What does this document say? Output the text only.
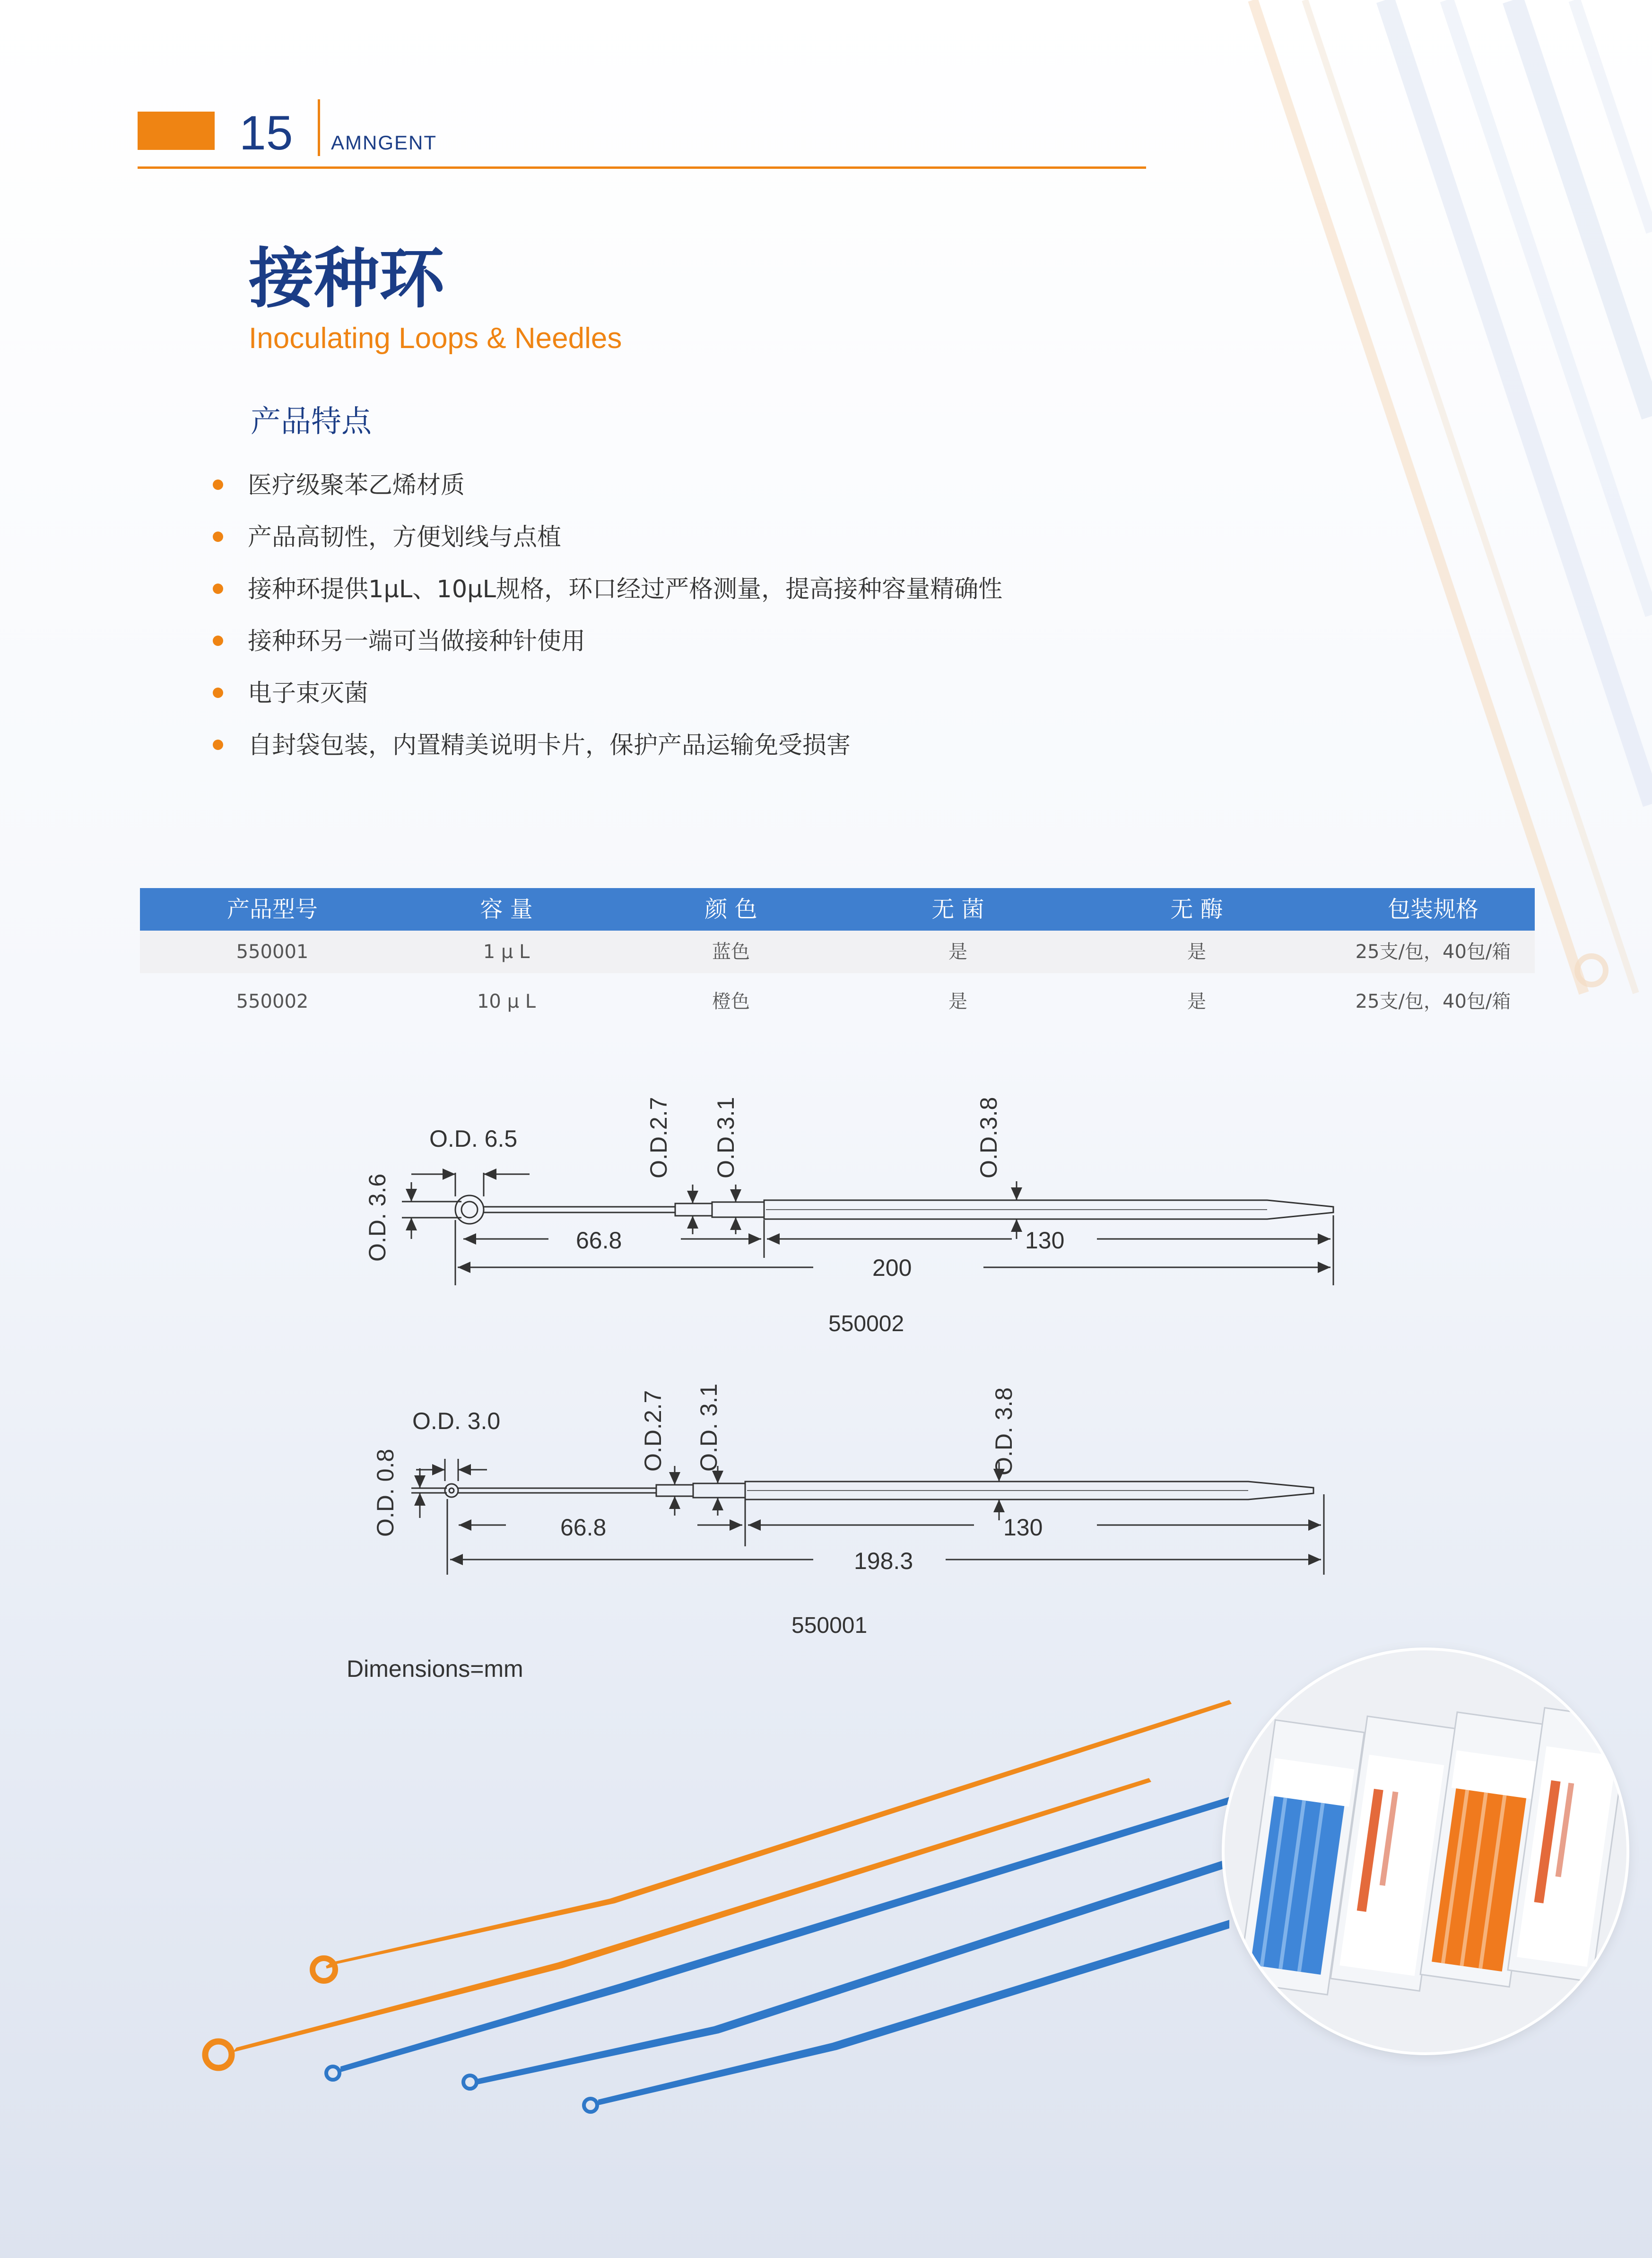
15 AMNGENT
接种环
Inoculating Loops & Needles
产品特点
医疗级聚苯乙烯材质
产品高韧性，方便划线与点植
接种环提供1μL、10μL规格，环口经过严格测量，提高接种容量精确性
接种环另一端可当做接种针使用
电子束灭菌
自封袋包装，内置精美说明卡片，保护产品运输免受损害
产品型号	容 量	颜 色	无 菌	无 酶	包装规格
550001	1 μ L	蓝色	是	是	25支/包，40包/箱
550002	10 μ L	橙色	是	是	25支/包，40包/箱
O.D. 6.5
O.D. 3.6
O.D.2.7 O.D.3.1	O.D.3.8
66.8	130
200
550002
O.D. 3.0
O.D. 0.8
O.D.2.7 O.D. 3.1	O.D. 3.8
66.8	130
198.3
550001
Dimensions=mm
